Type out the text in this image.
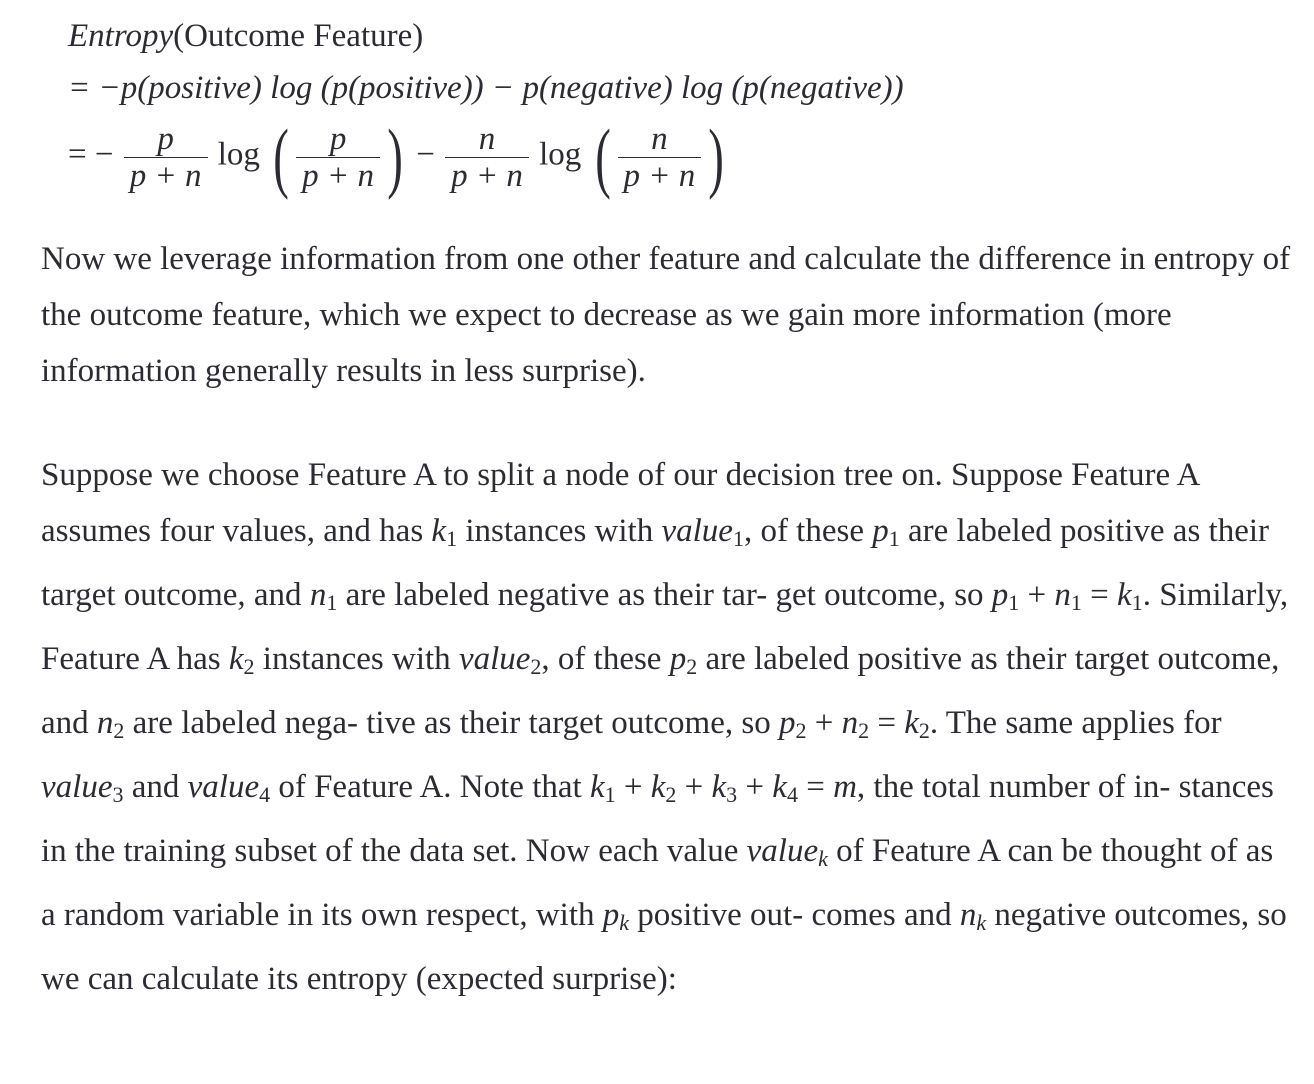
Entropy(Outcome Feature)
= −p(positive) log (p(positive)) − p(negative) log (p(negative))
= − $\frac{p}{p + n}$ log ( $\frac{p}{p + n}$ ) − $\frac{n}{p + n}$ log ( $\frac{n}{p + n}$ )

Now we leverage information from one other feature and calculate the difference in entropy of the outcome feature, which we expect to decrease as we gain more information (more information generally results in less surprise).

Suppose we choose Feature A to split a node of our decision tree on. Suppose Feature A assumes four values, and has $k_1$ instances with value$_1$, of these $p_1$ are labeled positive as their target outcome, and $n_1$ are labeled negative as their tar- get outcome, so $p_1 + n_1 = k_1$. Similarly, Feature A has $k_2$ instances with value$_2$, of these $p_2$ are labeled positive as their target outcome, and $n_2$ are labeled nega- tive as their target outcome, so $p_2 + n_2 = k_2$. The same applies for value$_3$ and value$_4$ of Feature A. Note that $k_1 + k_2 + k_3 + k_4 = m$, the total number of in- stances in the training subset of the data set. Now each value value$_k$ of Feature A can be thought of as a random variable in its own respect, with $p_k$ positive out- comes and $n_k$ negative outcomes, so we can calculate its entropy (expected surprise):
